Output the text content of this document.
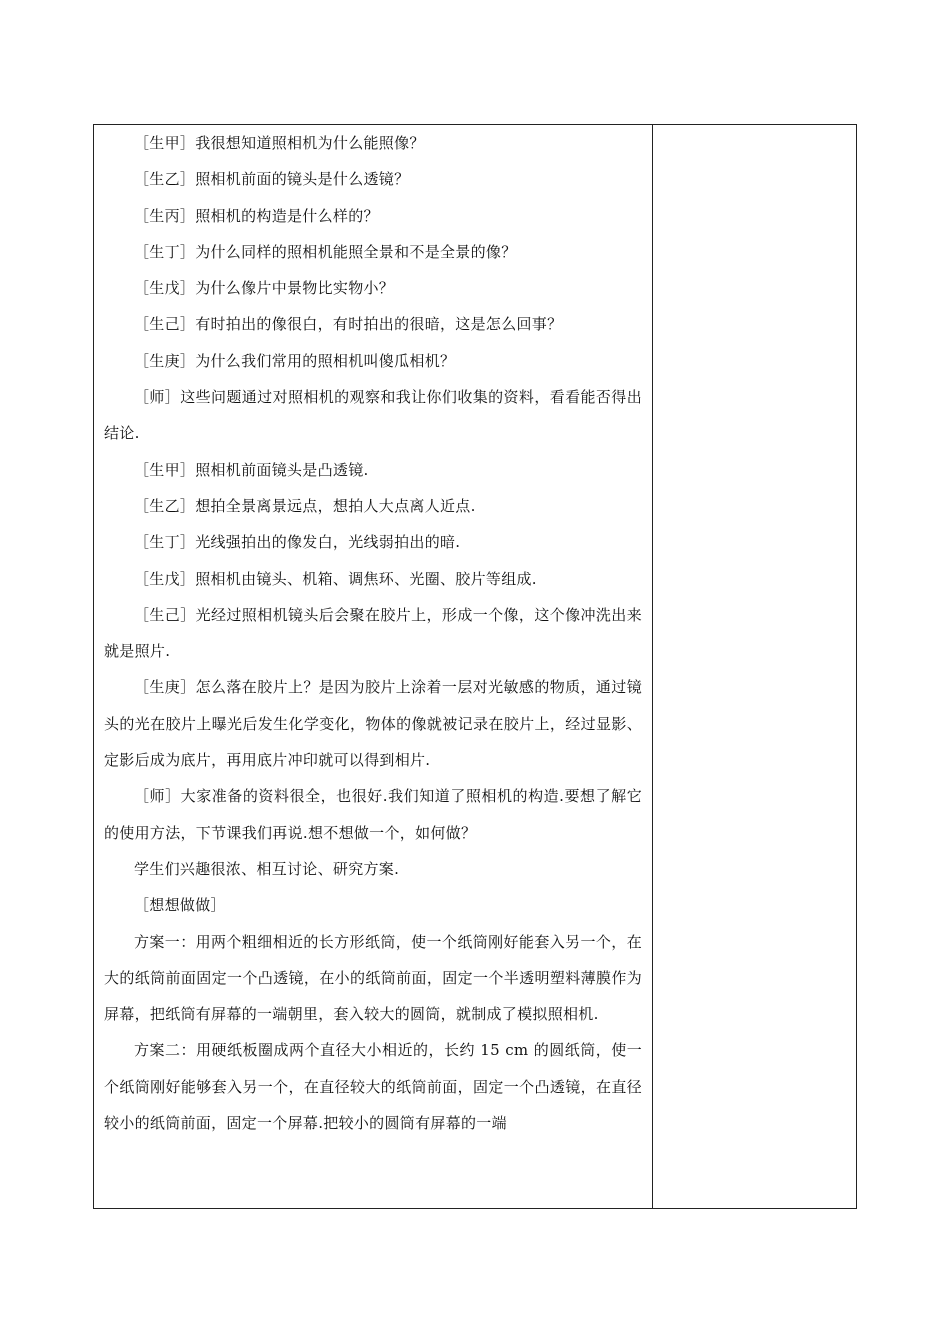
［生甲］我很想知道照相机为什么能照像？

［生乙］照相机前面的镜头是什么透镜？

［生丙］照相机的构造是什么样的？

［生丁］为什么同样的照相机能照全景和不是全景的像？

［生戊］为什么像片中景物比实物小？

［生己］有时拍出的像很白，有时拍出的很暗，这是怎么回事？

［生庚］为什么我们常用的照相机叫傻瓜相机？

［师］这些问题通过对照相机的观察和我让你们收集的资料，看看能否得出结论.

［生甲］照相机前面镜头是凸透镜.

［生乙］想拍全景离景远点，想拍人大点离人近点.

［生丁］光线强拍出的像发白，光线弱拍出的暗.

［生戊］照相机由镜头、机箱、调焦环、光圈、胶片等组成.

［生己］光经过照相机镜头后会聚在胶片上，形成一个像，这个像冲洗出来就是照片.

［生庚］怎么落在胶片上？是因为胶片上涂着一层对光敏感的物质，通过镜头的光在胶片上曝光后发生化学变化，物体的像就被记录在胶片上，经过显影、定影后成为底片，再用底片冲印就可以得到相片.

［师］大家准备的资料很全，也很好.我们知道了照相机的构造.要想了解它的使用方法，下节课我们再说.想不想做一个，如何做？

学生们兴趣很浓、相互讨论、研究方案.

［想想做做］

方案一：用两个粗细相近的长方形纸筒，使一个纸筒刚好能套入另一个，在大的纸筒前面固定一个凸透镜，在小的纸筒前面，固定一个半透明塑料薄膜作为屏幕，把纸筒有屏幕的一端朝里，套入较大的圆筒，就制成了模拟照相机.

方案二：用硬纸板圈成两个直径大小相近的，长约 15 cm 的圆纸筒，使一个纸筒刚好能够套入另一个，在直径较大的纸筒前面，固定一个凸透镜，在直径较小的纸筒前面，固定一个屏幕.把较小的圆筒有屏幕的一端
